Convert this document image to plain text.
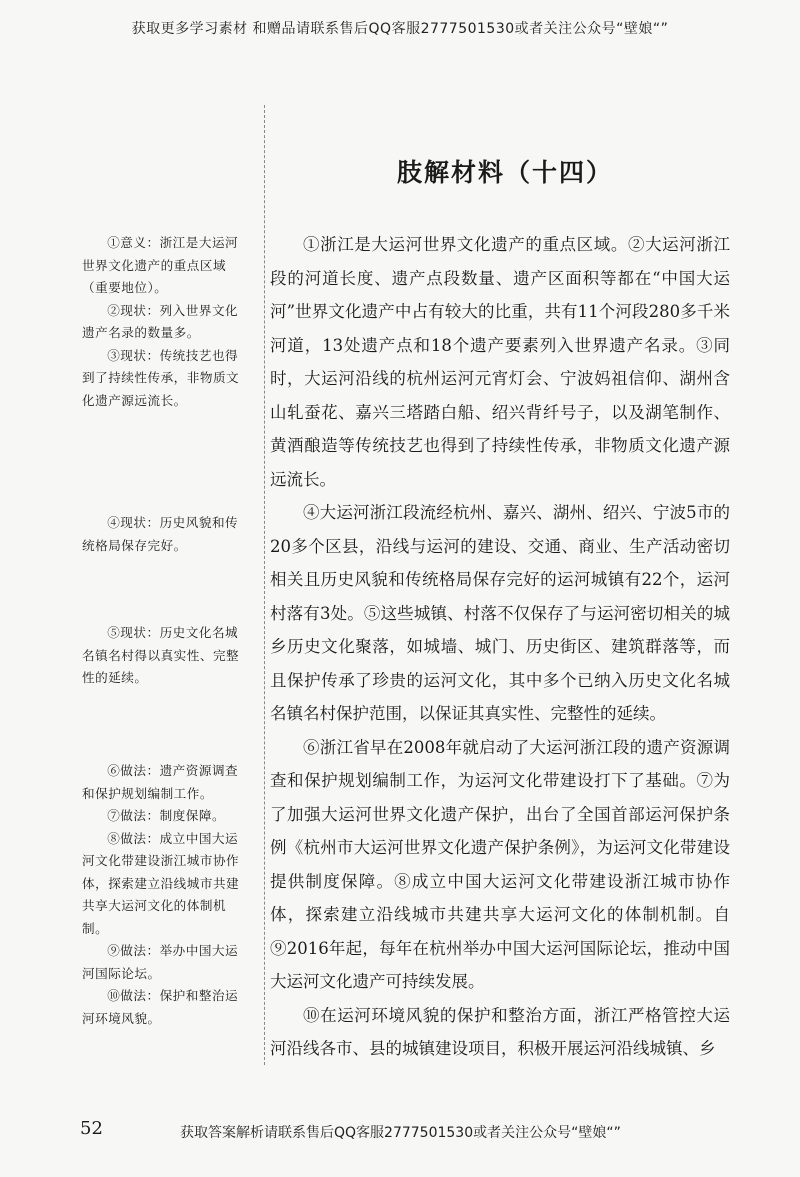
获取更多学习素材 和赠品请联系售后QQ客服2777501530或者关注公众号“壁娘“”
肢解材料（十四）

①意义：浙江是大运河世界文化遗产的重点区域（重要地位）。

②现状：列入世界文化遗产名录的数量多。

③现状：传统技艺也得到了持续性传承，非物质文化遗产源远流长。

④现状：历史风貌和传统格局保存完好。

⑤现状：历史文化名城名镇名村得以真实性、完整性的延续。

⑥做法：遗产资源调查和保护规划编制工作。

⑦做法：制度保障。

⑧做法：成立中国大运河文化带建设浙江城市协作体，探索建立沿线城市共建共享大运河文化的体制机制。

⑨做法：举办中国大运河国际论坛。

⑩做法：保护和整治运河环境风貌。

①浙江是大运河世界文化遗产的重点区域。②大运河浙江段的河道长度、遗产点段数量、遗产区面积等都在“中国大运河”世界文化遗产中占有较大的比重，共有11个河段280多千米河道，13处遗产点和18个遗产要素列入世界遗产名录。③同时，大运河沿线的杭州运河元宵灯会、宁波妈祖信仰、湖州含山轧蚕花、嘉兴三塔踏白船、绍兴背纤号子，以及湖笔制作、黄酒酿造等传统技艺也得到了持续性传承，非物质文化遗产源远流长。

④大运河浙江段流经杭州、嘉兴、湖州、绍兴、宁波5市的20多个区县，沿线与运河的建设、交通、商业、生产活动密切相关且历史风貌和传统格局保存完好的运河城镇有22个，运河村落有3处。⑤这些城镇、村落不仅保存了与运河密切相关的城乡历史文化聚落，如城墙、城门、历史街区、建筑群落等，而且保护传承了珍贵的运河文化，其中多个已纳入历史文化名城名镇名村保护范围，以保证其真实性、完整性的延续。

⑥浙江省早在2008年就启动了大运河浙江段的遗产资源调查和保护规划编制工作，为运河文化带建设打下了基础。⑦为了加强大运河世界文化遗产保护，出台了全国首部运河保护条例《杭州市大运河世界文化遗产保护条例》，为运河文化带建设提供制度保障。⑧成立中国大运河文化带建设浙江城市协作体，探索建立沿线城市共建共享大运河文化的体制机制。自⑨2016年起，每年在杭州举办中国大运河国际论坛，推动中国大运河文化遗产可持续发展。

⑩在运河环境风貌的保护和整治方面，浙江严格管控大运河沿线各市、县的城镇建设项目，积极开展运河沿线城镇、乡

52	获取答案解析请联系售后QQ客服2777501530或者关注公众号“壁娘“”
